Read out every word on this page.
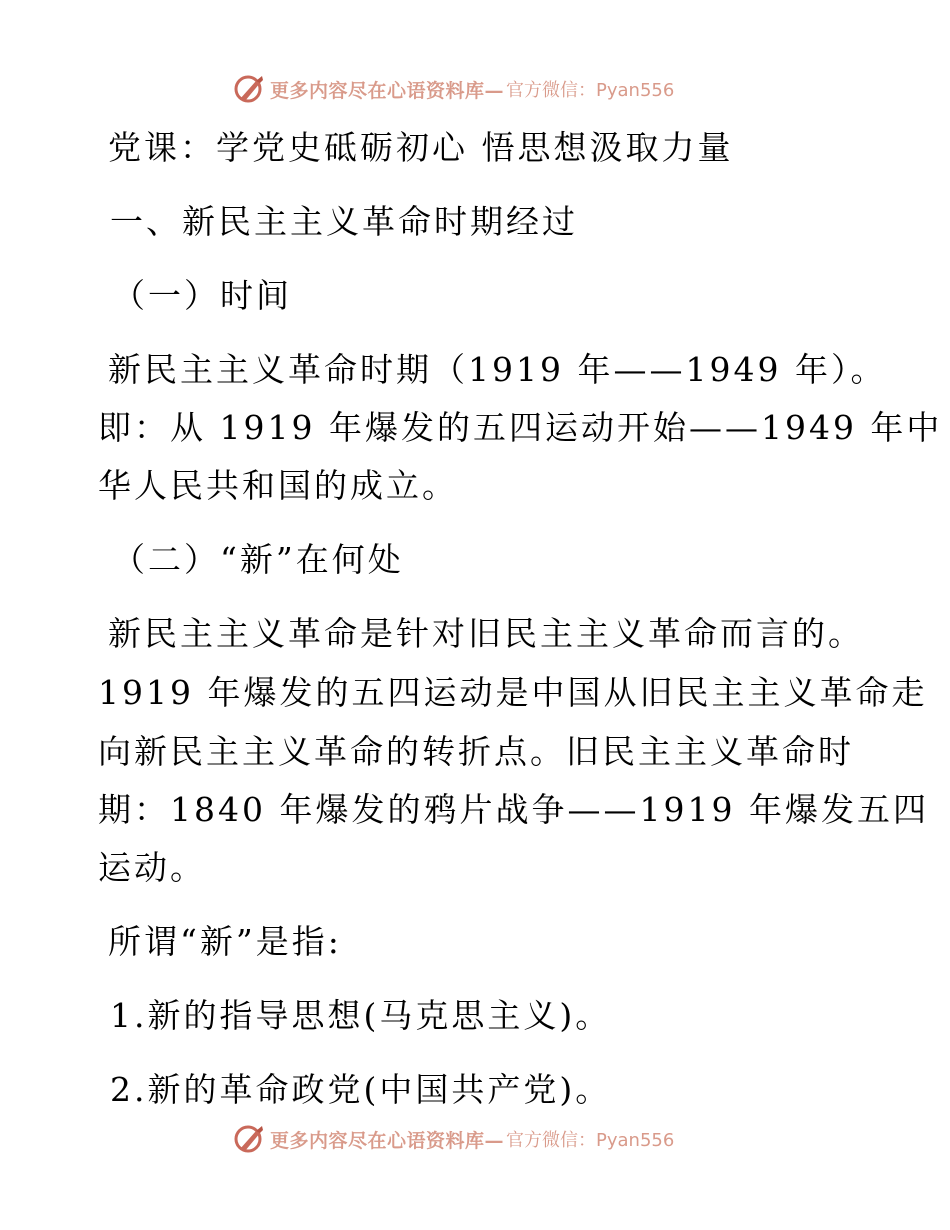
更多内容尽在心语资料库— 官方微信：Pyan556
党课：学党史砥砺初心 悟思想汲取力量
一、新民主主义革命时期经过
（一）时间
新民主主义革命时期（1919 年——1949 年）。
即：从 1919 年爆发的五四运动开始——1949 年中
华人民共和国的成立。
（二）“新”在何处
新民主主义革命是针对旧民主主义革命而言的。
1919 年爆发的五四运动是中国从旧民主主义革命走
向新民主主义革命的转折点。旧民主主义革命时
期：1840 年爆发的鸦片战争——1919 年爆发五四
运动。
所谓“新”是指:
1.新的指导思想(马克思主义)。
2.新的革命政党(中国共产党)。
更多内容尽在心语资料库— 官方微信：Pyan556
